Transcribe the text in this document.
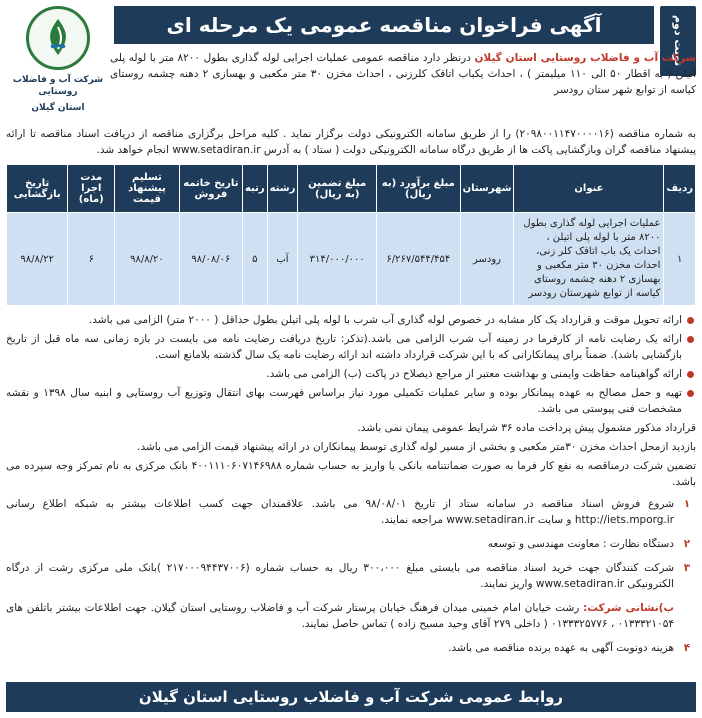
نوبت دوم
آگهی فراخوان مناقصه عمومی یک مرحله ای
شرکت آب و فاضلاب روستایی
استان گیلان
شرکت آب و فاضلاب روستایی استان گیلان درنظر دارد مناقصه عمومی عملیات اجرایی لوله گذاری بطول ۸۲۰۰ متر با لوله پلی اتیلن ( به اقطار ۵۰ الی ۱۱۰ میلیمتر ) ، احداث یکباب اتاقک کلرزنی ، احداث مخزن ۳۰ متر مکعبی و بهسازی ۲ دهنه چشمه روستای کیاسه از توابع شهر ستان رودسر
به شماره مناقصه (۲۰۹۸۰۰۱۱۴۷۰۰۰۰۱۶) را از طریق سامانه الکترونیکی دولت برگزار نماید . کلیه مراحل برگزاری مناقصه از دریافت اسناد مناقصه تا ارائه پیشنهاد مناقصه گران وبازگشایی پاکت ها از طریق درگاه سامانه الکترونیکی دولت ( ستاد ) به آدرس www.setadiran.ir انجام خواهد شد.
ردیف	عنوان	شهرستان	مبلغ برآورد (به ریال)	مبلغ تضمین (به ریال)	رشته	رتبه	تاریخ خاتمه فروش	تسلیم پیشنهاد قیمت	مدت اجرا (ماه)	تاریخ بازگشایی
۱	عملیات اجرایی لوله گذاری بطول ۸۲۰۰ متر با لوله پلی اتیلن ، احداث یک باب اتاقک کلر زنی، احداث مخزن ۳۰ متر مکعبی و بهسازی ۲ دهنه چشمه روستای کیاسه از توابع شهرستان رودسر	رودسر	۶/۲۶۷/۵۴۴/۴۵۴	۳۱۴/۰۰۰/۰۰۰	آب	۵	۹۸/۰۸/۰۶	۹۸/۸/۲۰	۶	۹۸/۸/۲۲
ارائه تحویل موقت و قرارداد یک کار مشابه در خصوص لوله گذاری آب شرب با لوله پلی اتیلن بطول حداقل ( ۲۰۰۰ متر) الزامی می باشد.
ارائه یک رضایت نامه از کارفرما در زمینه آب شرب الزامی می باشد.(تذکر: تاریخ دریافت رضایت نامه می بایست در بازه زمانی سه ماه قبل از تاریخ بازگشایی باشد). ضمناً برای پیمانکارانی که با این شرکت قرارداد داشته اند ارائه رضایت نامه یک سال گذشته بلامانع است.
ارائه گواهینامه حفاظت وایمنی و بهداشت معتبر از مراجع ذیصلاح در پاکت (ب) الزامی می باشد.
تهیه و حمل مصالح به عهده پیمانکار بوده و سایر عملیات تکمیلی مورد نیاز براساس فهرست بهای انتقال وتوزیع آب روستایی و ابنیه سال ۱۳۹۸ و نقشه مشخصات فنی پیوستی می باشد.
قرارداد مذکور مشمول پیش پرداخت ماده ۳۶ شرایط عمومی پیمان نمی باشد.
بازدید ازمحل احداث مخزن ۳۰متر مکعبی و بخشی از مسیر لوله گذاری توسط پیمانکاران در ارائه پیشنهاد قیمت الزامی می باشد.
تضمین شرکت درمناقصه به نفع کار فرما به صورت ضمانتنامه بانکی یا واریز به حساب شماره ۴۰۰۱۱۱۰۶۰۷۱۴۶۹۸۸ بانک مرکزی به نام تمرکز وجه سپرده می باشد.
۱
شروع فروش اسناد مناقصه در سامانه ستاد از تاریخ ۹۸/۰۸/۰۱ می باشد. علاقمندان جهت کسب اطلاعات بیشتر به شبکه اطلاع رسانی http://iets.mporg.ir و سایت www.setadiran.ir مراجعه نمایند.
۲
دستگاه نظارت : معاونت مهندسی و توسعه
۳
شرکت کنندگان جهت خرید اسناد مناقصه می بایستی مبلغ ۳۰۰،۰۰۰ ریال به حساب شماره (۲۱۷۰۰۰۹۴۴۳۷۰۰۶ )بانک ملی مرکزی رشت از درگاه الکترونیکی www.setadiran.ir واریز نمایند.
ب)نشانی شرکت: رشت خیابان امام خمینی میدان فرهنگ خیابان پرستار شرکت آب و فاضلاب روستایی استان گیلان. جهت اطلاعات بیشتر باتلفن های ۰۱۳۳۳۲۱۰۵۴ ، ۰۱۳۳۳۲۵۷۷۶ ( داخلی ۲۷۹ آقای وحید مسیح زاده ) تماس حاصل نمایند.
۴
هزینه دونوبت آگهی به عهده برنده مناقصه می باشد.
روابط عمومی شرکت آب و فاضلاب روستایی استان گیلان
